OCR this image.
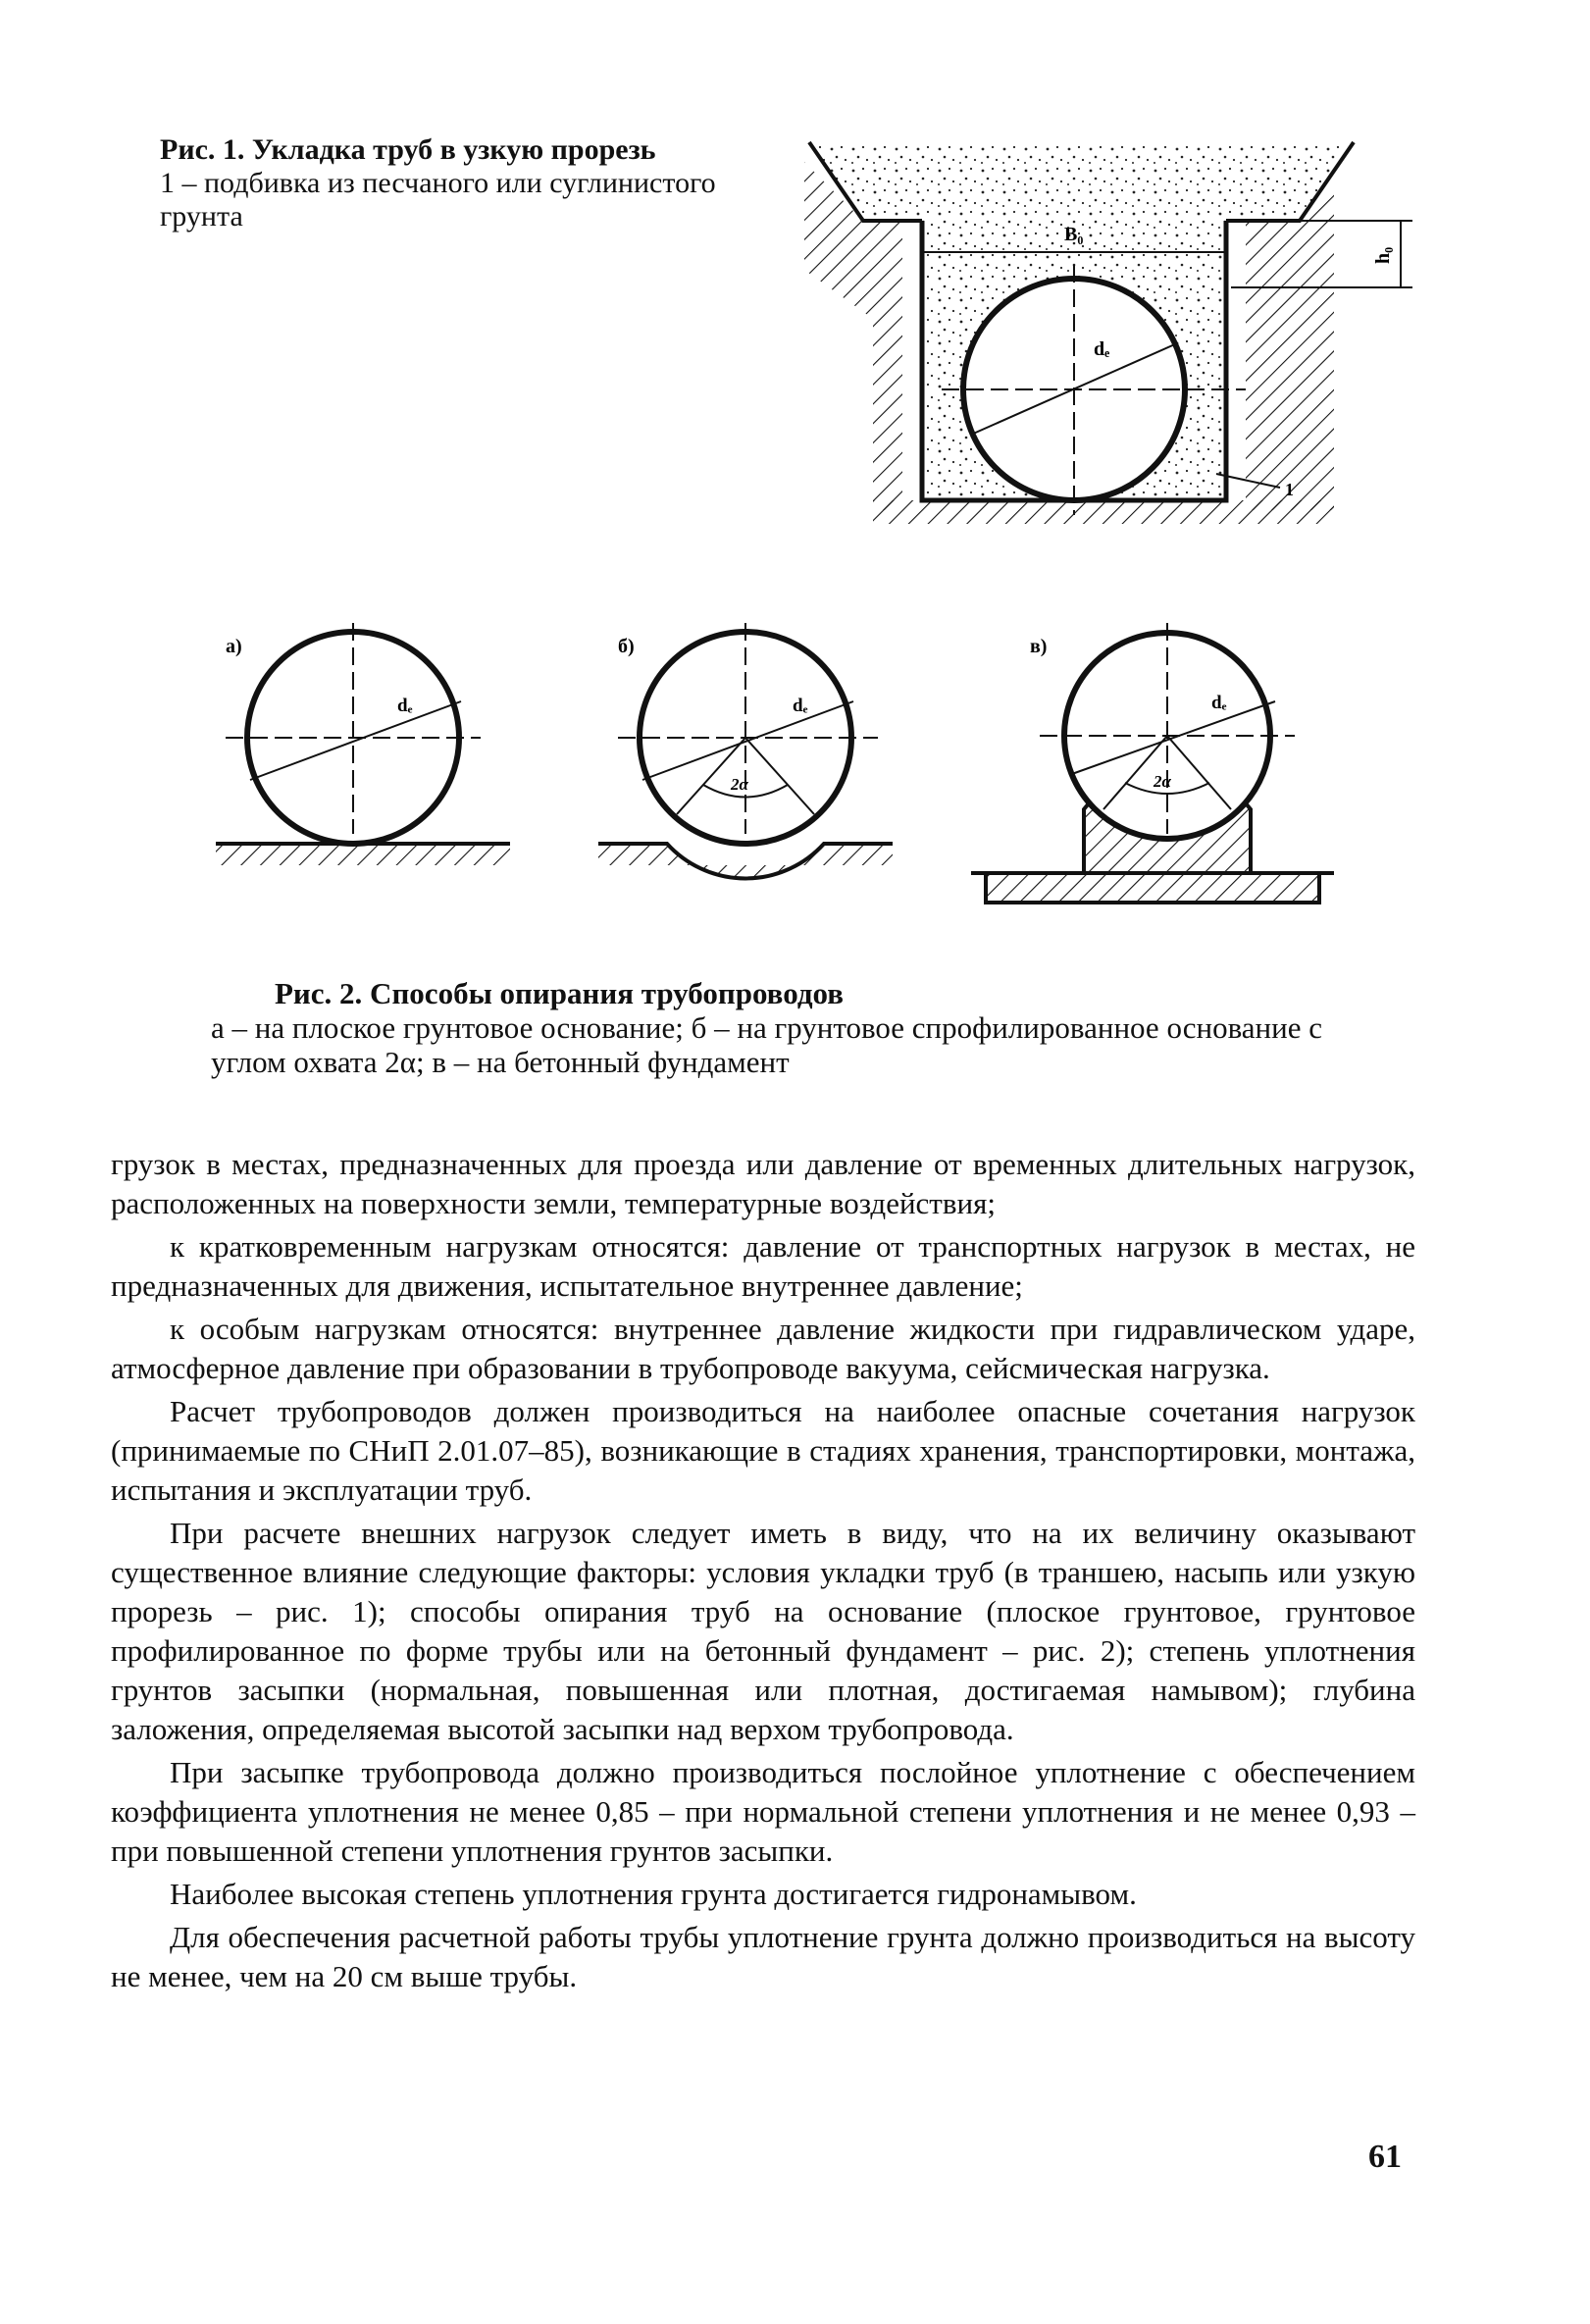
Рис. 1. Укладка труб в узкую прорезь
1 – подбивка из песчаного или суглинистого грунта
B₀
h₀
dₑ
1
а)
dₑ
б)
2α
dₑ
в)
2α
dₑ
Рис. 2. Способы опирания трубопроводов
а – на плоское грунтовое основание; б – на грунтовое спрофилированное основание с углом охвата 2α; в – на бетонный фундамент

грузок в местах, предназначенных для проезда или давление от временных длительных нагрузок, расположенных на поверхности земли, температурные воздействия;

к кратковременным нагрузкам относятся: давление от транспортных нагрузок в местах, не предназначенных для движения, испытательное внутреннее давление;

к особым нагрузкам относятся: внутреннее давление жидкости при гидравлическом ударе, атмосферное давление при образовании в трубопроводе вакуума, сейсмическая нагрузка.

Расчет трубопроводов должен производиться на наиболее опасные сочетания нагрузок (принимаемые по СНиП 2.01.07–85), возникающие в стадиях хранения, транспортировки, монтажа, испытания и эксплуатации труб.

При расчете внешних нагрузок следует иметь в виду, что на их величину оказывают существенное влияние следующие факторы: условия укладки труб (в траншею, насыпь или узкую прорезь – рис. 1); способы опирания труб на основание (плоское грунтовое, грунтовое профилированное по форме трубы или на бетонный фундамент – рис. 2); степень уплотнения грунтов засыпки (нормальная, повышенная или плотная, достигаемая намывом); глубина заложения, определяемая высотой засыпки над верхом трубопровода.

При засыпке трубопровода должно производиться послойное уплотнение с обеспечением коэффициента уплотнения не менее 0,85 – при нормальной степени уплотнения и не менее 0,93 – при повышенной степени уплотнения грунтов засыпки.

Наиболее высокая степень уплотнения грунта достигается гидронамывом.

Для обеспечения расчетной работы трубы уплотнение грунта должно производиться на высоту не менее, чем на 20 см выше трубы.

61
